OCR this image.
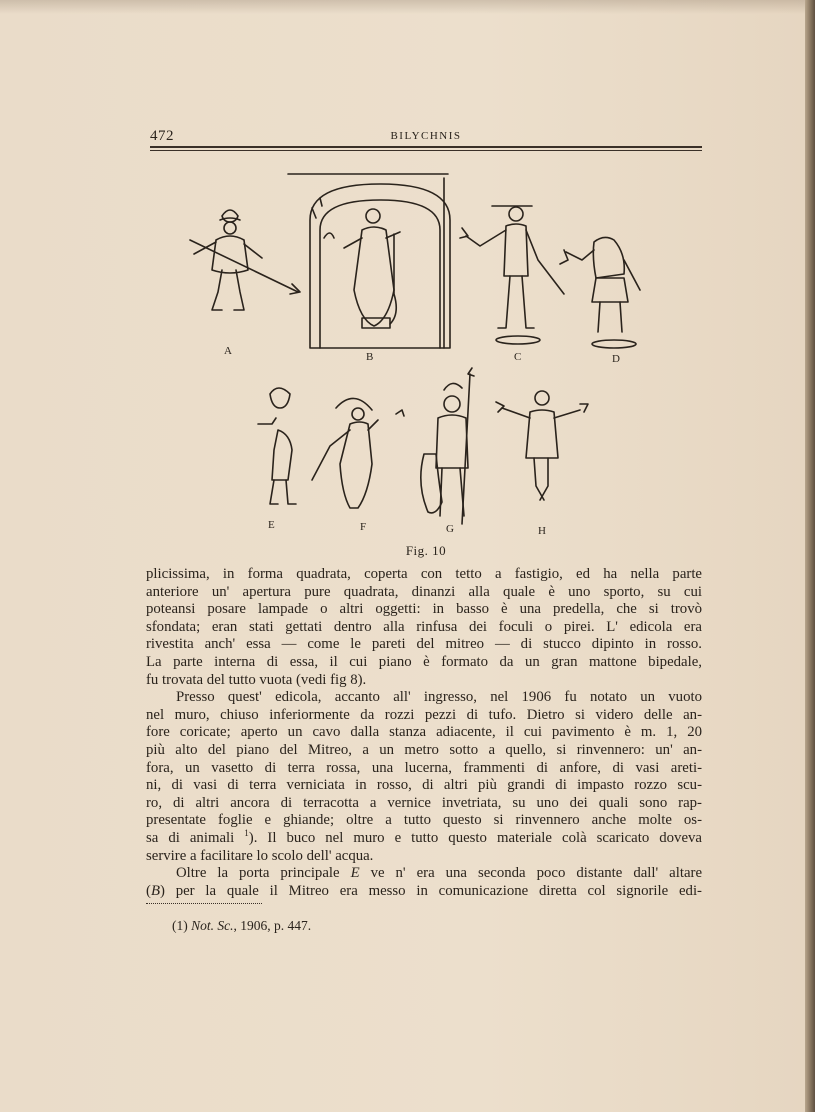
472	BILYCHNIS
A	B	C	D
E	F	G	H
Fig. 10

plicissima, in forma quadrata, coperta con tetto a fastigio, ed ha nella parte

anteriore un' apertura pure quadrata, dinanzi alla quale è uno sporto, su cui

poteansi posare lampade o altri oggetti: in basso è una predella, che si trovò

sfondata; eran stati gettati dentro alla rinfusa dei foculi o pirei. L' edicola era

rivestita anch' essa — come le pareti del mitreo — di stucco dipinto in rosso.

La parte interna di essa, il cui piano è formato da un gran mattone bipedale,

fu trovata del tutto vuota (vedi fig 8).

Presso quest' edicola, accanto all' ingresso, nel 1906 fu notato un vuoto

nel muro, chiuso inferiormente da rozzi pezzi di tufo. Dietro si videro delle an-

fore coricate; aperto un cavo dalla stanza adiacente, il cui pavimento è m. 1, 20

più alto del piano del Mitreo, a un metro sotto a quello, si rinvennero: un' an-

fora, un vasetto di terra rossa, una lucerna, frammenti di anfore, di vasi areti-

ni, di vasi di terra verniciata in rosso, di altri più grandi di impasto rozzo scu-

ro, di altri ancora di terracotta a vernice invetriata, su uno dei quali sono rap-

presentate foglie e ghiande; oltre a tutto questo si rinvennero anche molte os-

sa di animali $^1$). Il buco nel muro e tutto questo materiale colà scaricato doveva

servire a facilitare lo scolo dell' acqua.

Oltre la porta principale E ve n' era una seconda poco distante dall' altare

(B) per la quale il Mitreo era messo in comunicazione diretta col signorile edi-

(1) Not. Sc., 1906, p. 447.
